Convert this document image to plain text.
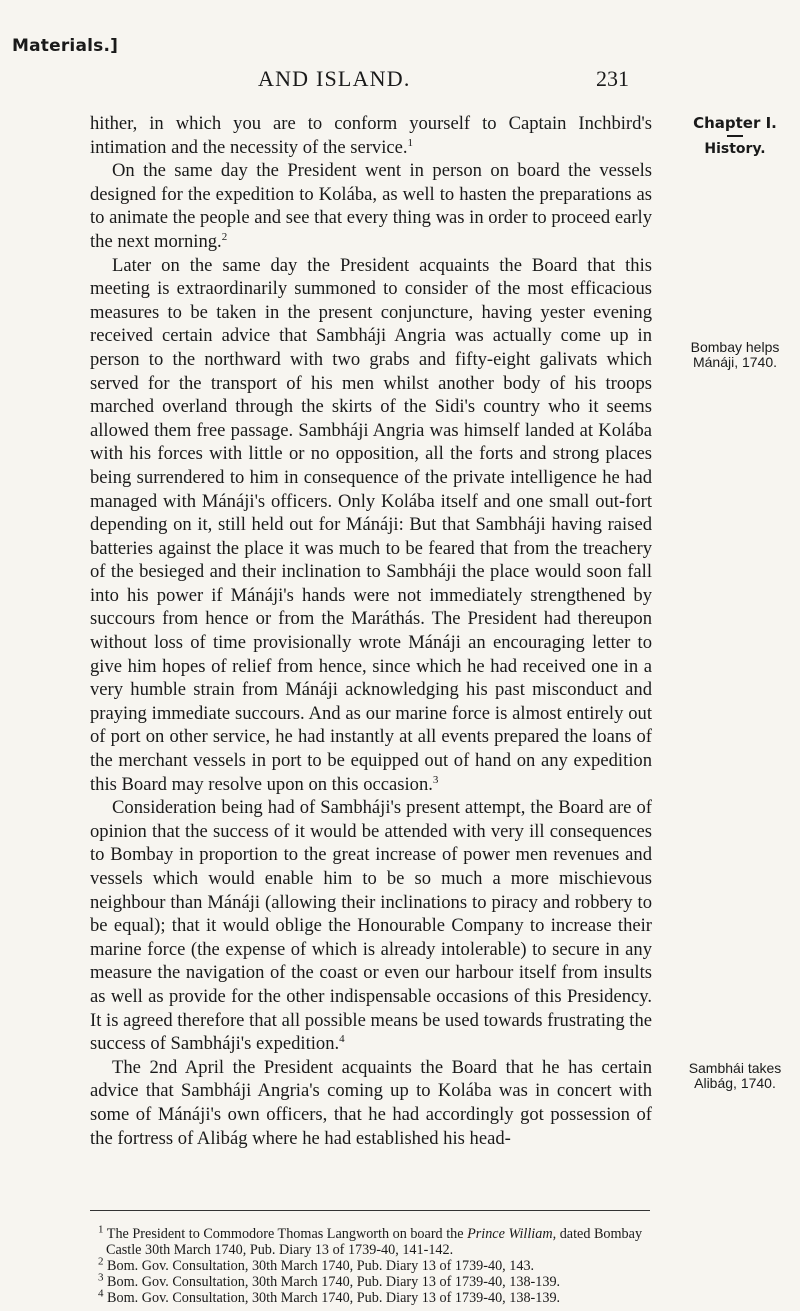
Materials.]
AND ISLAND.	231
Chapter I.
History.
Bombay helps Mánáji, 1740.
Sambhái takes Alibág, 1740.

hither, in which you are to conform yourself to Captain Inchbird's intimation and the necessity of the service.$^1$

On the same day the President went in person on board the vessels designed for the expedition to Kolába, as well to hasten the preparations as to animate the people and see that every thing was in order to proceed early the next morning.$^2$

Later on the same day the President acquaints the Board that this meeting is extraordinarily summoned to consider of the most efficacious measures to be taken in the present conjuncture, having yester evening received certain advice that Sambháji Angria was actually come up in person to the northward with two grabs and fifty-eight galivats which served for the transport of his men whilst another body of his troops marched overland through the skirts of the Sidi's country who it seems allowed them free passage. Sambháji Angria was himself landed at Kolába with his forces with little or no opposition, all the forts and strong places being surrendered to him in consequence of the private intelligence he had managed with Mánáji's officers. Only Kolába itself and one small out-fort depending on it, still held out for Mánáji: But that Sambháji having raised batteries against the place it was much to be feared that from the treachery of the besieged and their inclination to Sambháji the place would soon fall into his power if Mánáji's hands were not immediately strengthened by succours from hence or from the Maráthás. The President had thereupon without loss of time provisionally wrote Mánáji an encouraging letter to give him hopes of relief from hence, since which he had received one in a very humble strain from Mánáji acknowledging his past misconduct and praying immediate succours. And as our marine force is almost entirely out of port on other service, he had instantly at all events prepared the loans of the merchant vessels in port to be equipped out of hand on any expedition this Board may resolve upon on this occasion.$^3$

Consideration being had of Sambháji's present attempt, the Board are of opinion that the success of it would be attended with very ill consequences to Bombay in proportion to the great increase of power men revenues and vessels which would enable him to be so much a more mischievous neighbour than Mánáji (allowing their inclinations to piracy and robbery to be equal); that it would oblige the Honourable Company to increase their marine force (the expense of which is already intolerable) to secure in any measure the navigation of the coast or even our harbour itself from insults as well as provide for the other indispensable occasions of this Presidency. It is agreed therefore that all possible means be used towards frustrating the success of Sambháji's expedition.$^4$

The 2nd April the President acquaints the Board that he has certain advice that Sambháji Angria's coming up to Kolába was in concert with some of Mánáji's own officers, that he had accordingly got possession of the fortress of Alibág where he had established his head-

$^1$ The President to Commodore Thomas Langworth on board the Prince William, dated Bombay Castle 30th March 1740, Pub. Diary 13 of 1739-40, 141-142.
$^2$ Bom. Gov. Consultation, 30th March 1740, Pub. Diary 13 of 1739-40, 143.
$^3$ Bom. Gov. Consultation, 30th March 1740, Pub. Diary 13 of 1739-40, 138-139.
$^4$ Bom. Gov. Consultation, 30th March 1740, Pub. Diary 13 of 1739-40, 138-139.
